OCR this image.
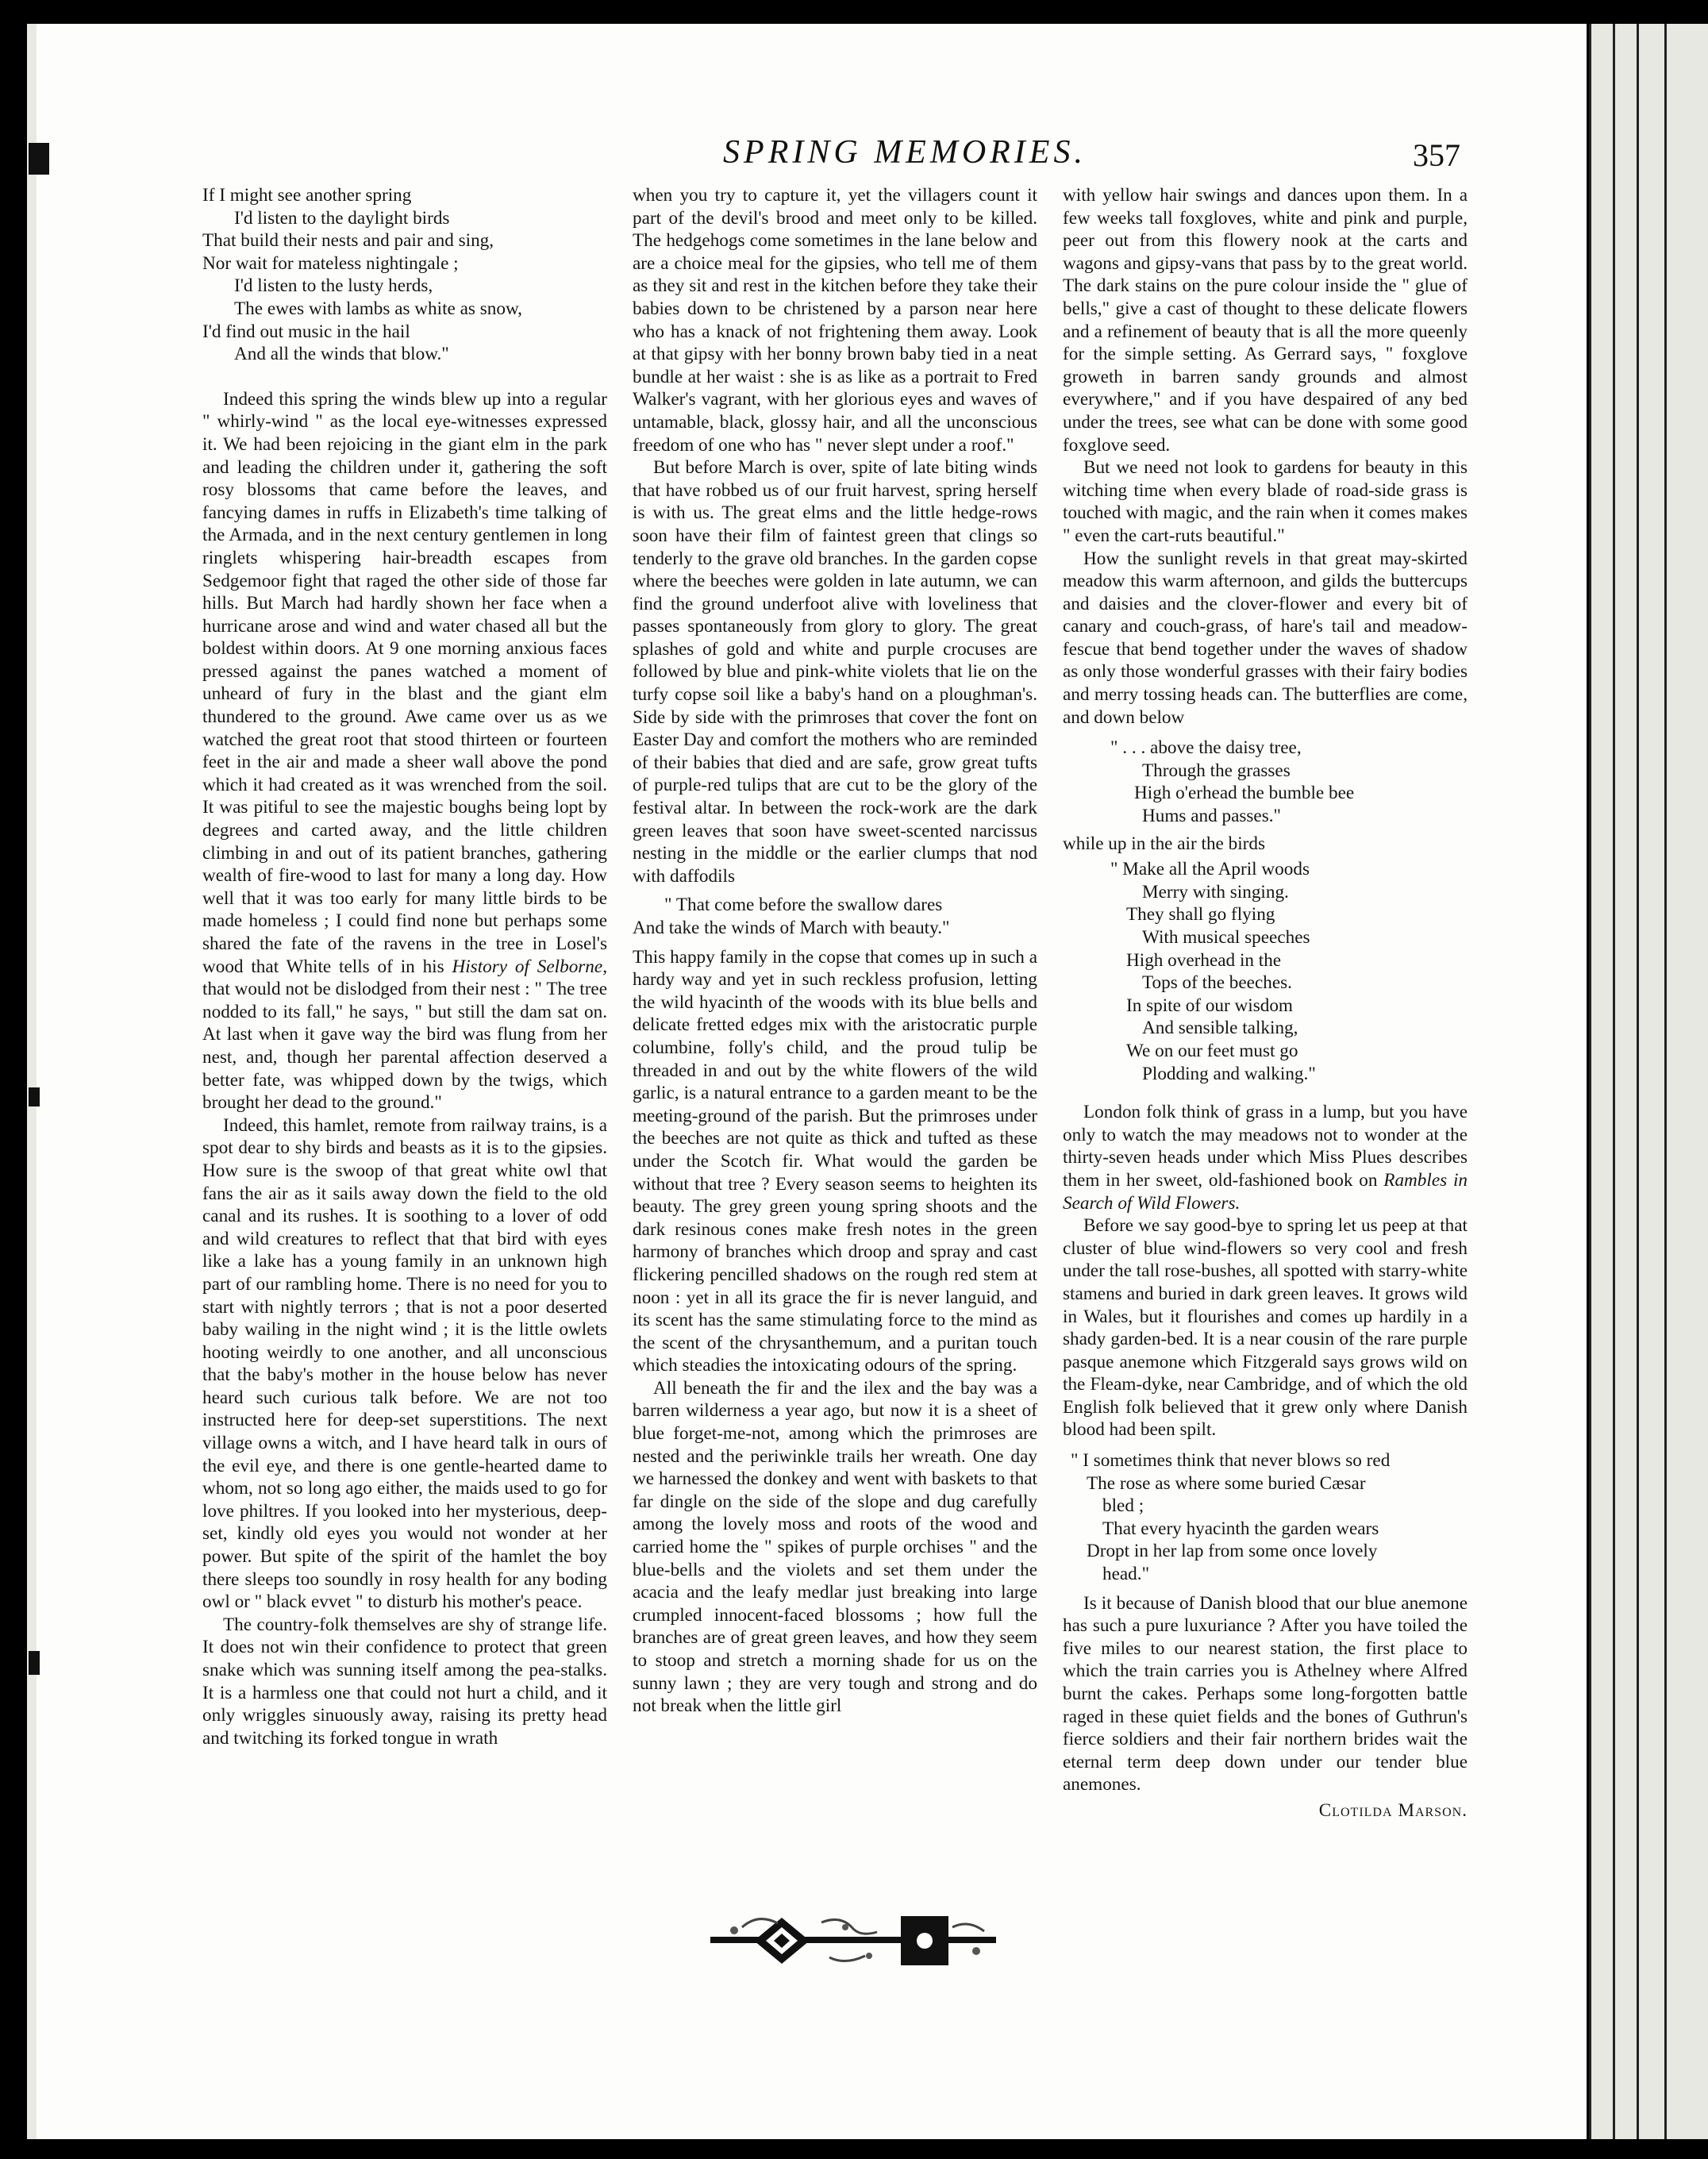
SPRING MEMORIES.	357
If I might see another spring
I'd listen to the daylight birds
That build their nests and pair and sing,
Nor wait for mateless nightingale ;
I'd listen to the lusty herds,
The ewes with lambs as white as snow,
I'd find out music in the hail
And all the winds that blow."

Indeed this spring the winds blew up into a regular " whirly-wind " as the local eye-witnesses expressed it. We had been rejoicing in the giant elm in the park and leading the children under it, gathering the soft rosy blossoms that came before the leaves, and fancying dames in ruffs in Elizabeth's time talking of the Armada, and in the next century gentlemen in long ringlets whispering hair-breadth escapes from Sedgemoor fight that raged the other side of those far hills. But March had hardly shown her face when a hurricane arose and wind and water chased all but the boldest within doors. At 9 one morning anxious faces pressed against the panes watched a moment of unheard of fury in the blast and the giant elm thundered to the ground. Awe came over us as we watched the great root that stood thirteen or fourteen feet in the air and made a sheer wall above the pond which it had created as it was wrenched from the soil. It was pitiful to see the majestic boughs being lopt by degrees and carted away, and the little children climbing in and out of its patient branches, gathering wealth of fire-wood to last for many a long day. How well that it was too early for many little birds to be made homeless ; I could find none but perhaps some shared the fate of the ravens in the tree in Losel's wood that White tells of in his History of Selborne, that would not be dislodged from their nest : " The tree nodded to its fall," he says, " but still the dam sat on. At last when it gave way the bird was flung from her nest, and, though her parental affection deserved a better fate, was whipped down by the twigs, which brought her dead to the ground."

Indeed, this hamlet, remote from railway trains, is a spot dear to shy birds and beasts as it is to the gipsies. How sure is the swoop of that great white owl that fans the air as it sails away down the field to the old canal and its rushes. It is soothing to a lover of odd and wild creatures to reflect that that bird with eyes like a lake has a young family in an unknown high part of our rambling home. There is no need for you to start with nightly terrors ; that is not a poor deserted baby wailing in the night wind ; it is the little owlets hooting weirdly to one another, and all unconscious that the baby's mother in the house below has never heard such curious talk before. We are not too instructed here for deep-set superstitions. The next village owns a witch, and I have heard talk in ours of the evil eye, and there is one gentle-hearted dame to whom, not so long ago either, the maids used to go for love philtres. If you looked into her mysterious, deep-set, kindly old eyes you would not wonder at her power. But spite of the spirit of the hamlet the boy there sleeps too soundly in rosy health for any boding owl or " black evvet " to disturb his mother's peace.

The country-folk themselves are shy of strange life. It does not win their confidence to protect that green snake which was sunning itself among the pea-stalks. It is a harmless one that could not hurt a child, and it only wriggles sinuously away, raising its pretty head and twitching its forked tongue in wrath

when you try to capture it, yet the villagers count it part of the devil's brood and meet only to be killed. The hedgehogs come sometimes in the lane below and are a choice meal for the gipsies, who tell me of them as they sit and rest in the kitchen before they take their babies down to be christened by a parson near here who has a knack of not frightening them away. Look at that gipsy with her bonny brown baby tied in a neat bundle at her waist : she is as like as a portrait to Fred Walker's vagrant, with her glorious eyes and waves of untamable, black, glossy hair, and all the unconscious freedom of one who has " never slept under a roof."

But before March is over, spite of late biting winds that have robbed us of our fruit harvest, spring herself is with us. The great elms and the little hedge-rows soon have their film of faintest green that clings so tenderly to the grave old branches. In the garden copse where the beeches were golden in late autumn, we can find the ground underfoot alive with loveliness that passes spontaneously from glory to glory. The great splashes of gold and white and purple crocuses are followed by blue and pink-white violets that lie on the turfy copse soil like a baby's hand on a ploughman's. Side by side with the primroses that cover the font on Easter Day and comfort the mothers who are reminded of their babies that died and are safe, grow great tufts of purple-red tulips that are cut to be the glory of the festival altar. In between the rock-work are the dark green leaves that soon have sweet-scented narcissus nesting in the middle or the earlier clumps that nod with daffodils

" That come before the swallow dares
And take the winds of March with beauty."

This happy family in the copse that comes up in such a hardy way and yet in such reckless profusion, letting the wild hyacinth of the woods with its blue bells and delicate fretted edges mix with the aristocratic purple columbine, folly's child, and the proud tulip be threaded in and out by the white flowers of the wild garlic, is a natural entrance to a garden meant to be the meeting-ground of the parish. But the primroses under the beeches are not quite as thick and tufted as these under the Scotch fir. What would the garden be without that tree ? Every season seems to heighten its beauty. The grey green young spring shoots and the dark resinous cones make fresh notes in the green harmony of branches which droop and spray and cast flickering pencilled shadows on the rough red stem at noon : yet in all its grace the fir is never languid, and its scent has the same stimulating force to the mind as the scent of the chrysanthemum, and a puritan touch which steadies the intoxicating odours of the spring.

All beneath the fir and the ilex and the bay was a barren wilderness a year ago, but now it is a sheet of blue forget-me-not, among which the primroses are nested and the periwinkle trails her wreath. One day we harnessed the donkey and went with baskets to that far dingle on the side of the slope and dug carefully among the lovely moss and roots of the wood and carried home the " spikes of purple orchises " and the blue-bells and the violets and set them under the acacia and the leafy medlar just breaking into large crumpled innocent-faced blossoms ; how full the branches are of great green leaves, and how they seem to stoop and stretch a morning shade for us on the sunny lawn ; they are very tough and strong and do not break when the little girl

with yellow hair swings and dances upon them. In a few weeks tall foxgloves, white and pink and purple, peer out from this flowery nook at the carts and wagons and gipsy-vans that pass by to the great world. The dark stains on the pure colour inside the " glue of bells," give a cast of thought to these delicate flowers and a refinement of beauty that is all the more queenly for the simple setting. As Gerrard says, " foxglove groweth in barren sandy grounds and almost everywhere," and if you have despaired of any bed under the trees, see what can be done with some good foxglove seed.

But we need not look to gardens for beauty in this witching time when every blade of road-side grass is touched with magic, and the rain when it comes makes " even the cart-ruts beautiful."

How the sunlight revels in that great may-skirted meadow this warm afternoon, and gilds the buttercups and daisies and the clover-flower and every bit of canary and couch-grass, of hare's tail and meadow-fescue that bend together under the waves of shadow as only those wonderful grasses with their fairy bodies and merry tossing heads can. The butterflies are come, and down below

" . . . above the daisy tree,
Through the grasses
High o'erhead the bumble bee
Hums and passes."

while up in the air the birds

" Make all the April woods
Merry with singing.
They shall go flying
With musical speeches
High overhead in the
Tops of the beeches.
In spite of our wisdom
And sensible talking,
We on our feet must go
Plodding and walking."

London folk think of grass in a lump, but you have only to watch the may meadows not to wonder at the thirty-seven heads under which Miss Plues describes them in her sweet, old-fashioned book on Rambles in Search of Wild Flowers.

Before we say good-bye to spring let us peep at that cluster of blue wind-flowers so very cool and fresh under the tall rose-bushes, all spotted with starry-white stamens and buried in dark green leaves. It grows wild in Wales, but it flourishes and comes up hardily in a shady garden-bed. It is a near cousin of the rare purple pasque anemone which Fitzgerald says grows wild on the Fleam-dyke, near Cambridge, and of which the old English folk believed that it grew only where Danish blood had been spilt.

" I sometimes think that never blows so red
The rose as where some buried Cæsar
bled ;
That every hyacinth the garden wears
Dropt in her lap from some once lovely
head."

Is it because of Danish blood that our blue anemone has such a pure luxuriance ? After you have toiled the five miles to our nearest station, the first place to which the train carries you is Athelney where Alfred burnt the cakes. Perhaps some long-forgotten battle raged in these quiet fields and the bones of Guthrun's fierce soldiers and their fair northern brides wait the eternal term deep down under our tender blue anemones.

Clotilda Marson.
